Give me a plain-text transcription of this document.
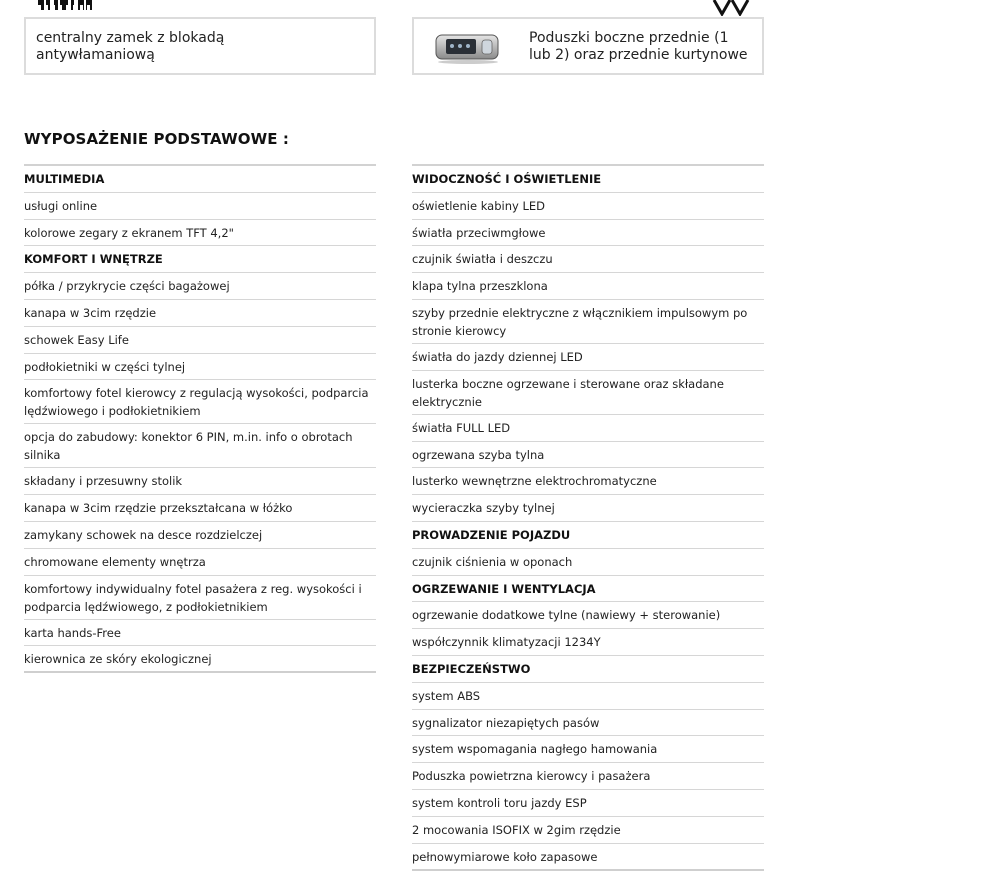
centralny zamek z blokadą
antywłamaniową
Poduszki boczne przednie (1
lub 2) oraz przednie kurtynowe
WYPOSAŻENIE PODSTAWOWE :
MULTIMEDIA
usługi online
kolorowe zegary z ekranem TFT 4,2"
KOMFORT I WNĘTRZE
półka / przykrycie części bagażowej
kanapa w 3cim rzędzie
schowek Easy Life
podłokietniki w części tylnej
komfortowy fotel kierowcy z regulacją wysokości, podparcia lędźwiowego i podłokietnikiem
opcja do zabudowy: konektor 6 PIN, m.in. info o obrotach silnika
składany i przesuwny stolik
kanapa w 3cim rzędzie przekształcana w łóżko
zamykany schowek na desce rozdzielczej
chromowane elementy wnętrza
komfortowy indywidualny fotel pasażera z reg. wysokości i podparcia lędźwiowego, z podłokietnikiem
karta hands-Free
kierownica ze skóry ekologicznej
WIDOCZNOŚĆ I OŚWIETLENIE
oświetlenie kabiny LED
światła przeciwmgłowe
czujnik światła i deszczu
klapa tylna przeszklona
szyby przednie elektryczne z włącznikiem impulsowym po stronie kierowcy
światła do jazdy dziennej LED
lusterka boczne ogrzewane i sterowane oraz składane elektrycznie
światła FULL LED
ogrzewana szyba tylna
lusterko wewnętrzne elektrochromatyczne
wycieraczka szyby tylnej
PROWADZENIE POJAZDU
czujnik ciśnienia w oponach
OGRZEWANIE I WENTYLACJA
ogrzewanie dodatkowe tylne (nawiewy + sterowanie)
współczynnik klimatyzacji 1234Y
BEZPIECZEŃSTWO
system ABS
sygnalizator niezapiętych pasów
system wspomagania nagłego hamowania
Poduszka powietrzna kierowcy i pasażera
system kontroli toru jazdy ESP
2 mocowania ISOFIX w 2gim rzędzie
pełnowymiarowe koło zapasowe
